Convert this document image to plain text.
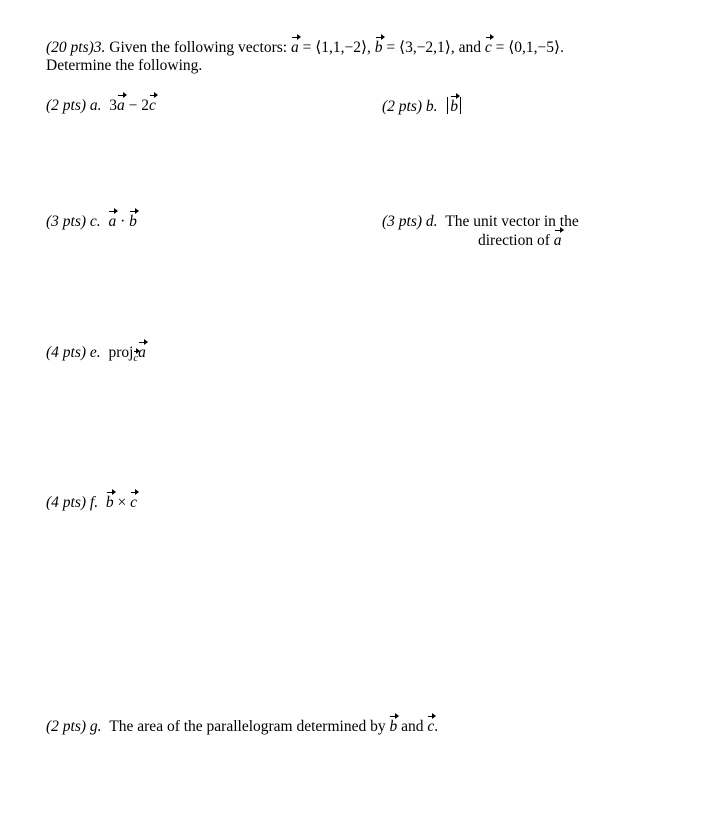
(20 pts)3. Given the following vectors: a = ⟨1,1,−2⟩, b = ⟨3,−2,1⟩, and c = ⟨0,1,−5⟩.
Determine the following.
(2 pts) a. 3a − 2c	(2 pts) b. b
(3 pts) c. a · b	(3 pts) d. The unit vector in the
direction of a
(4 pts) e. proj$_c$a
(4 pts) f. b × c
(2 pts) g. The area of the parallelogram determined by b and c.
